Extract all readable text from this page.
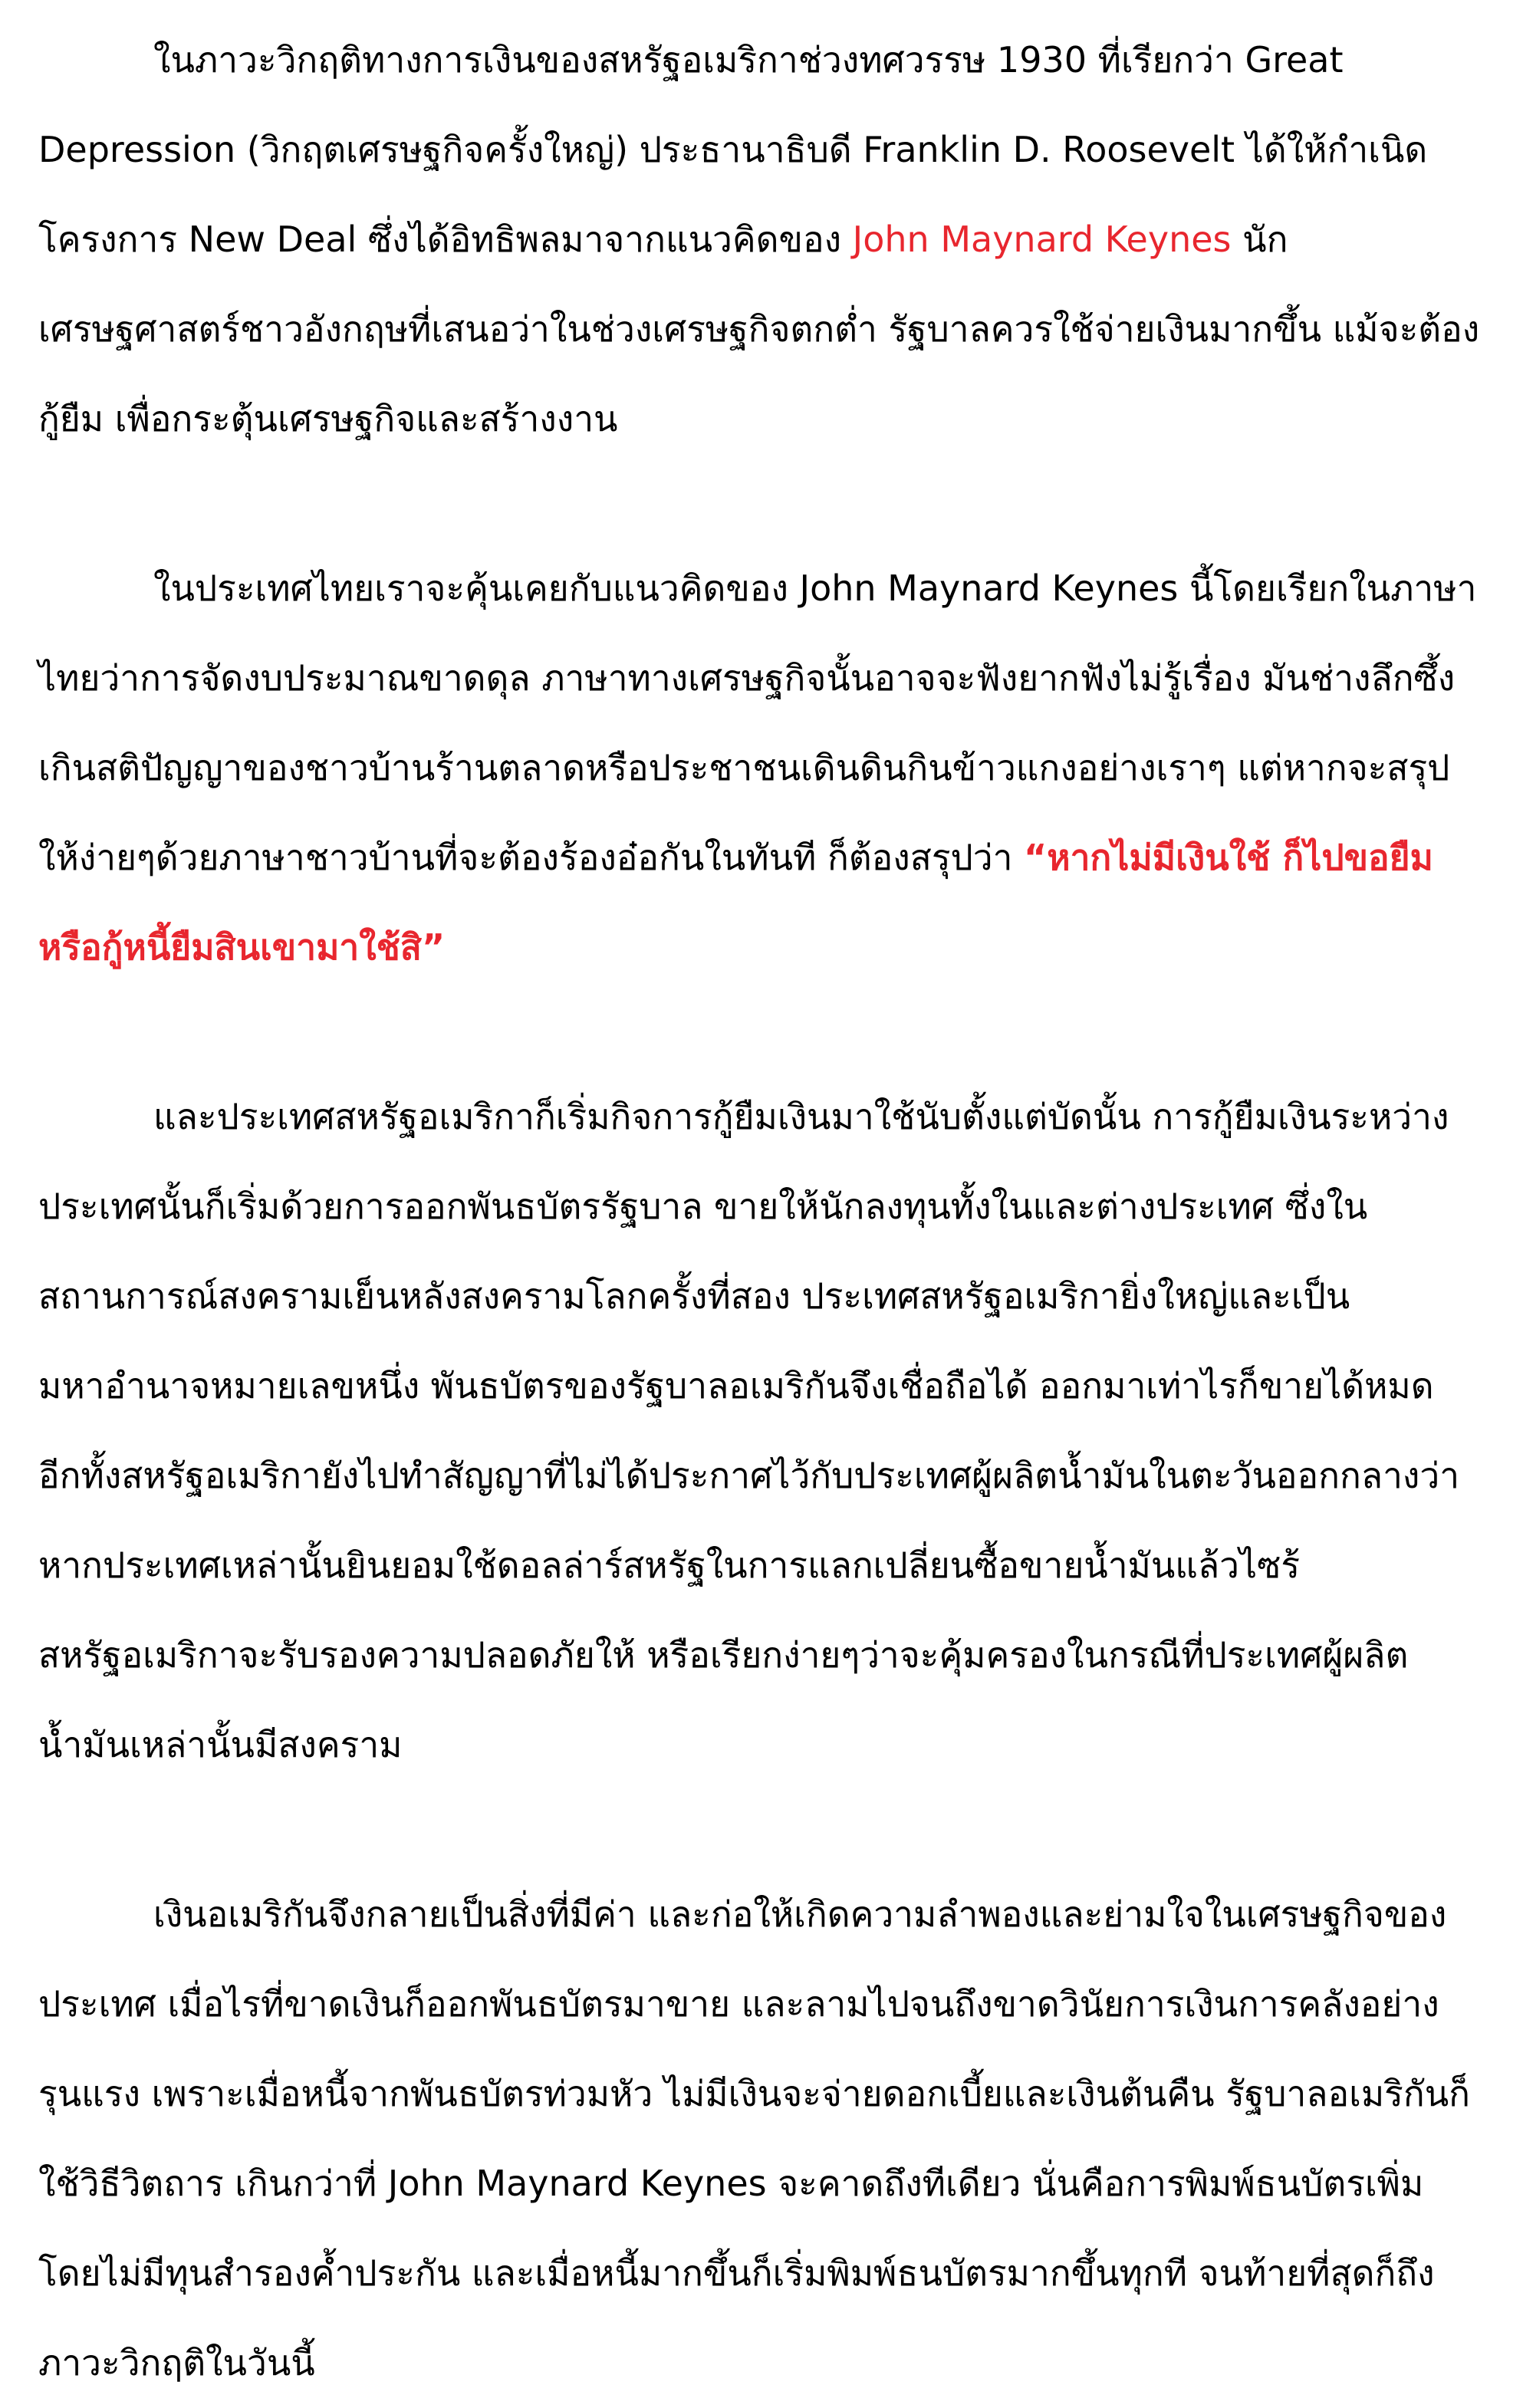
ในภาวะวิกฤติทางการเงินของสหรัฐอเมริกาช่วงทศวรรษ 1930 ที่เรียกว่า Great Depression (วิกฤตเศรษฐกิจครั้งใหญ่) ประธานาธิบดี Franklin D. Roosevelt ได้ให้กำเนิดโครงการ New Deal ซึ่งได้อิทธิพลมาจากแนวคิดของ John Maynard Keynes นักเศรษฐศาสตร์ชาวอังกฤษที่เสนอว่าในช่วงเศรษฐกิจตกต่ำ รัฐบาลควรใช้จ่ายเงินมากขึ้น แม้จะต้องกู้ยืม เพื่อกระตุ้นเศรษฐกิจและสร้างงาน

ในประเทศไทยเราจะคุ้นเคยกับแนวคิดของ John Maynard Keynes นี้โดยเรียกในภาษาไทยว่าการจัดงบประมาณขาดดุล ภาษาทางเศรษฐกิจนั้นอาจจะฟังยากฟังไม่รู้เรื่อง มันช่างลึกซึ้งเกินสติปัญญาของชาวบ้านร้านตลาดหรือประชาชนเดินดินกินข้าวแกงอย่างเราๆ แต่หากจะสรุปให้ง่ายๆด้วยภาษาชาวบ้านที่จะต้องร้องอ๋อกันในทันที ก็ต้องสรุปว่า “หากไม่มีเงินใช้ ก็ไปขอยืมหรือกู้หนี้ยืมสินเขามาใช้สิ”

และประเทศสหรัฐอเมริกาก็เริ่มกิจการกู้ยืมเงินมาใช้นับตั้งแต่บัดนั้น การกู้ยืมเงินระหว่างประเทศนั้นก็เริ่มด้วยการออกพันธบัตรรัฐบาล ขายให้นักลงทุนทั้งในและต่างประเทศ ซึ่งในสถานการณ์สงครามเย็นหลังสงครามโลกครั้งที่สอง ประเทศสหรัฐอเมริกายิ่งใหญ่และเป็นมหาอำนาจหมายเลขหนึ่ง พันธบัตรของรัฐบาลอเมริกันจึงเชื่อถือได้ ออกมาเท่าไรก็ขายได้หมด อีกทั้งสหรัฐอเมริกายังไปทำสัญญาที่ไม่ได้ประกาศไว้กับประเทศผู้ผลิตน้ำมันในตะวันออกกลางว่าหากประเทศเหล่านั้นยินยอมใช้ดอลล่าร์สหรัฐในการแลกเปลี่ยนซื้อขายน้ำมันแล้วไซร้ สหรัฐอเมริกาจะรับรองความปลอดภัยให้ หรือเรียกง่ายๆว่าจะคุ้มครองในกรณีที่ประเทศผู้ผลิตน้ำมันเหล่านั้นมีสงคราม

เงินอเมริกันจึงกลายเป็นสิ่งที่มีค่า และก่อให้เกิดความลำพองและย่ามใจในเศรษฐกิจของประเทศ เมื่อไรที่ขาดเงินก็ออกพันธบัตรมาขาย และลามไปจนถึงขาดวินัยการเงินการคลังอย่างรุนแรง เพราะเมื่อหนี้จากพันธบัตรท่วมหัว ไม่มีเงินจะจ่ายดอกเบี้ยและเงินต้นคืน รัฐบาลอเมริกันก็ใช้วิธีวิตถาร เกินกว่าที่ John Maynard Keynes จะคาดถึงทีเดียว นั่นคือการพิมพ์ธนบัตรเพิ่มโดยไม่มีทุนสำรองค้ำประกัน และเมื่อหนี้มากขึ้นก็เริ่มพิมพ์ธนบัตรมากขึ้นทุกที จนท้ายที่สุดก็ถึงภาวะวิกฤติในวันนี้
